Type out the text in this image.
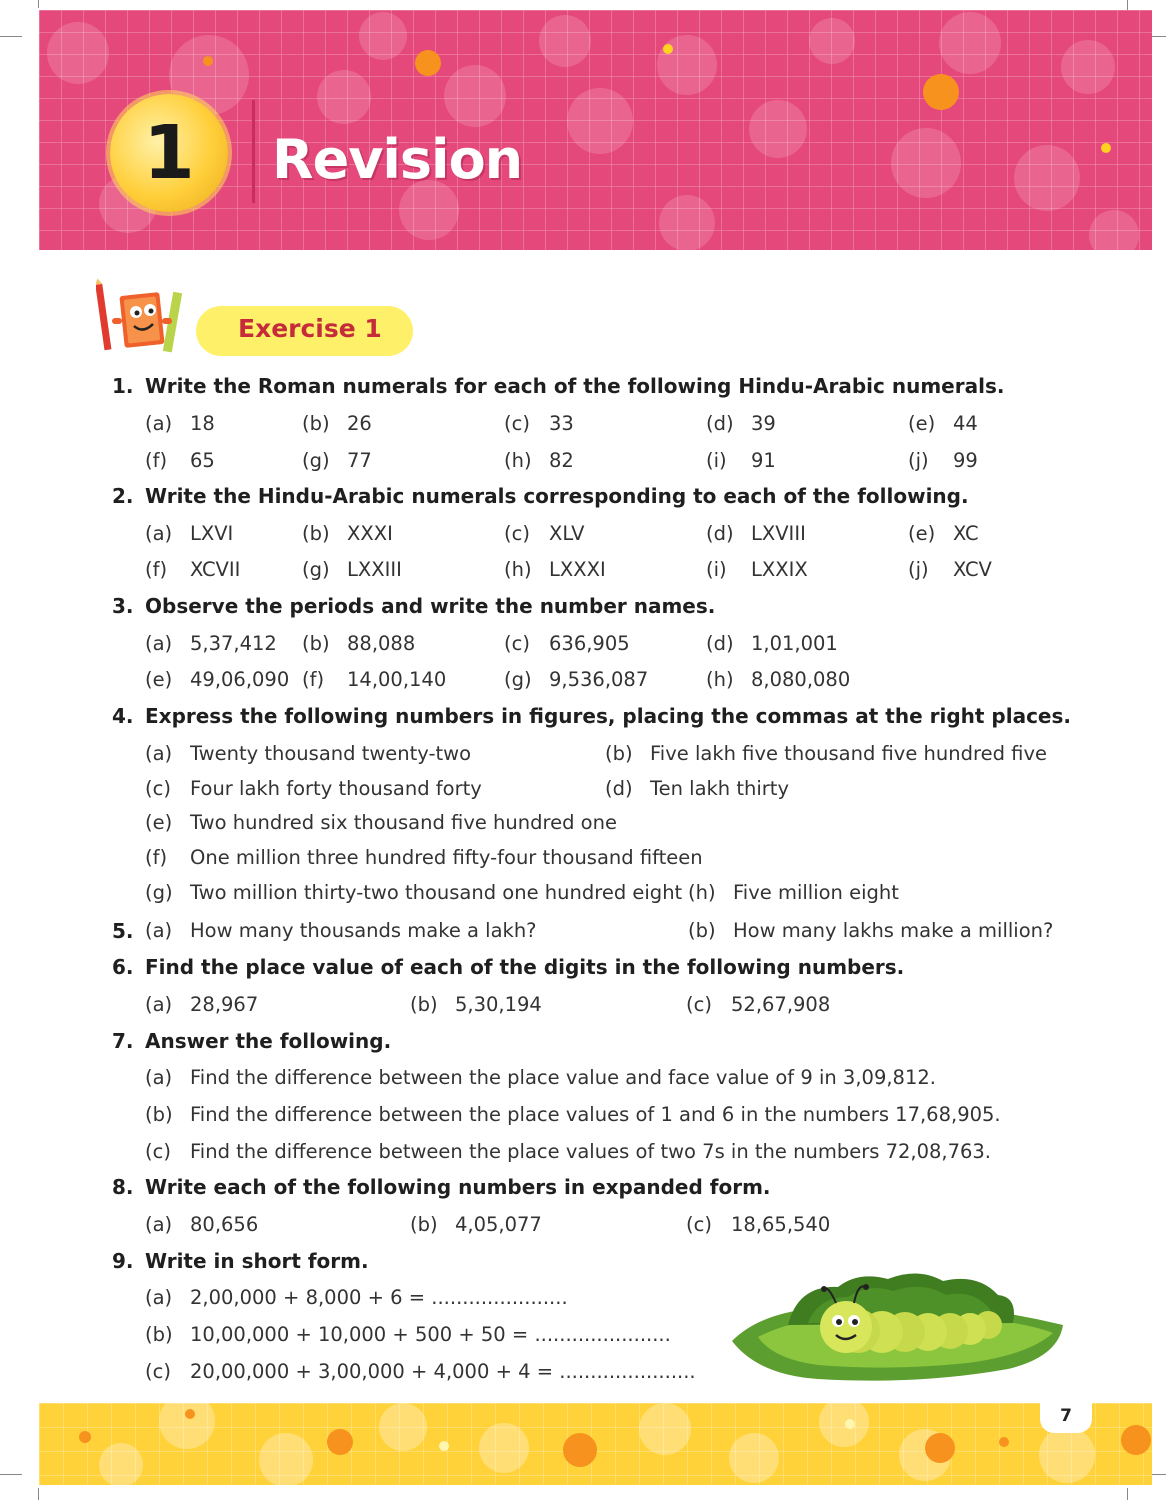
1	Revision
Exercise 1
1. Write the Roman numerals for each of the following Hindu-Arabic numerals.
(a) 18	(b) 26	(c) 33	(d) 39	(e) 44
(f) 65	(g) 77	(h) 82	(i) 91	(j) 99
2. Write the Hindu-Arabic numerals corresponding to each of the following.
(a) LXVI	(b) XXXI	(c) XLV	(d) LXVIII	(e) XC
(f) XCVII	(g) LXXIII	(h) LXXXI	(i) LXXIX	(j) XCV
3. Observe the periods and write the number names.
(a) 5,37,412 (b) 88,088	(c) 636,905	(d) 1,01,001
(e) 49,06,090 (f) 14,00,140	(g) 9,536,087	(h) 8,080,080
4. Express the following numbers in figures, placing the commas at the right places.
(a) Twenty thousand twenty-two	(b) Five lakh five thousand five hundred five
(c) Four lakh forty thousand forty	(d) Ten lakh thirty
(e) Two hundred six thousand five hundred one
(f) One million three hundred fifty-four thousand fifteen
(g) Two million thirty-two thousand one hundred eight (h) Five million eight
5. (a) How many thousands make a lakh?	(b) How many lakhs make a million?
6. Find the place value of each of the digits in the following numbers.
(a) 28,967	(b) 5,30,194	(c) 52,67,908
7. Answer the following.
(a) Find the difference between the place value and face value of 9 in 3,09,812.
(b) Find the difference between the place values of 1 and 6 in the numbers 17,68,905.
(c) Find the difference between the place values of two 7s in the numbers 72,08,763.
8. Write each of the following numbers in expanded form.
(a) 80,656	(b) 4,05,077	(c) 18,65,540
9. Write in short form.
(a) 2,00,000 + 8,000 + 6 = ......................
(b) 10,00,000 + 10,000 + 500 + 50 = ......................
(c) 20,00,000 + 3,00,000 + 4,000 + 4 = ......................
7
